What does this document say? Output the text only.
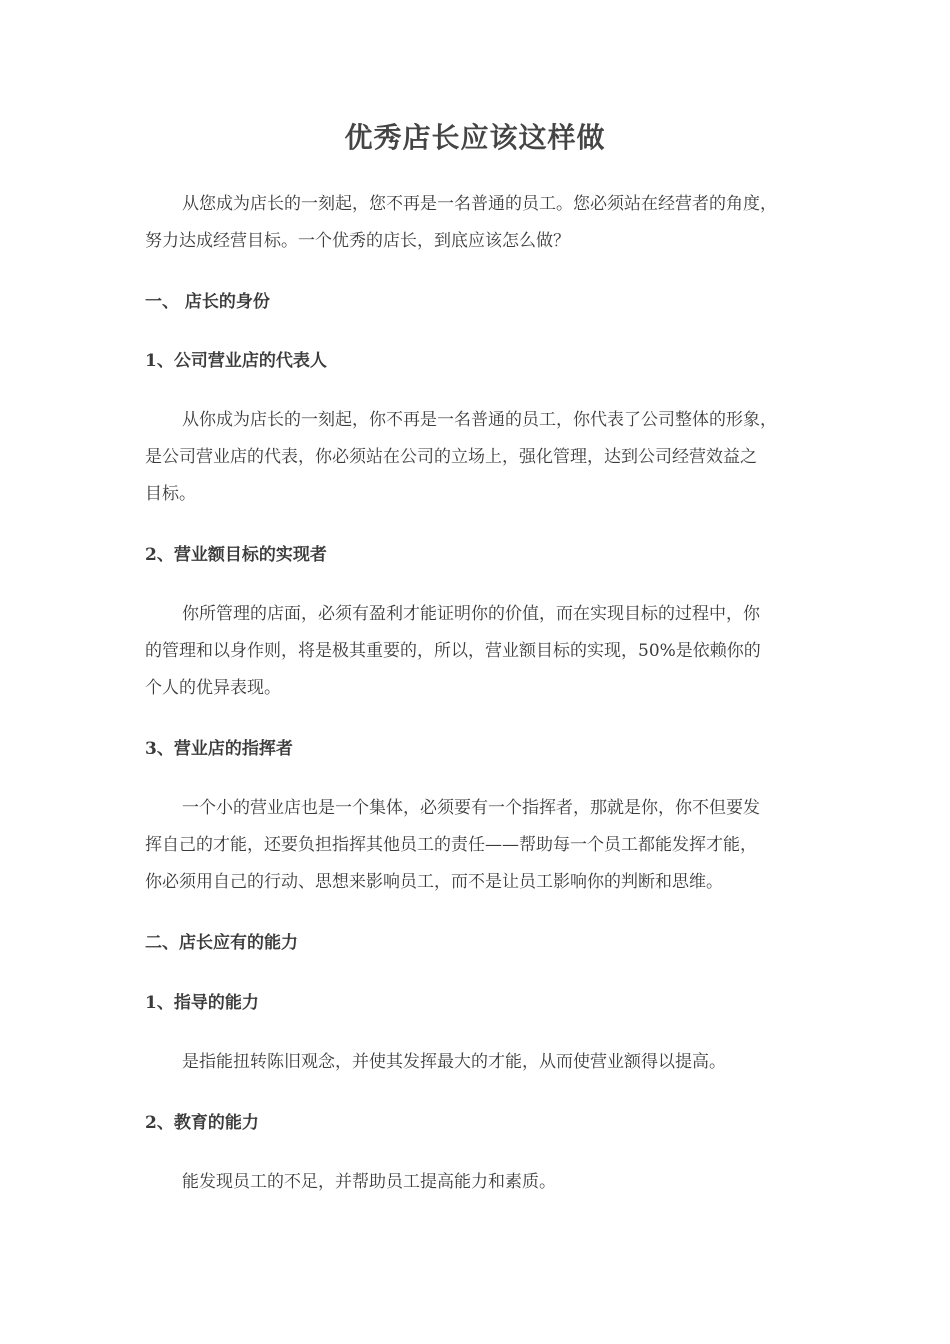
优秀店长应该这样做
从您成为店长的一刻起，您不再是一名普通的员工。您必须站在经营者的角度，
努力达成经营目标。一个优秀的店长，到底应该怎么做？
一、 店长的身份
1、公司营业店的代表人
从你成为店长的一刻起，你不再是一名普通的员工，你代表了公司整体的形象，
是公司营业店的代表，你必须站在公司的立场上，强化管理，达到公司经营效益之
目标。
2、营业额目标的实现者
你所管理的店面，必须有盈利才能证明你的价值，而在实现目标的过程中，你
的管理和以身作则，将是极其重要的，所以，营业额目标的实现，50%是依赖你的
个人的优异表现。
3、营业店的指挥者
一个小的营业店也是一个集体，必须要有一个指挥者，那就是你，你不但要发
挥自己的才能，还要负担指挥其他员工的责任——帮助每一个员工都能发挥才能，
你必须用自己的行动、思想来影响员工，而不是让员工影响你的判断和思维。
二、店长应有的能力
1、指导的能力
是指能扭转陈旧观念，并使其发挥最大的才能，从而使营业额得以提高。
2、教育的能力
能发现员工的不足，并帮助员工提高能力和素质。
